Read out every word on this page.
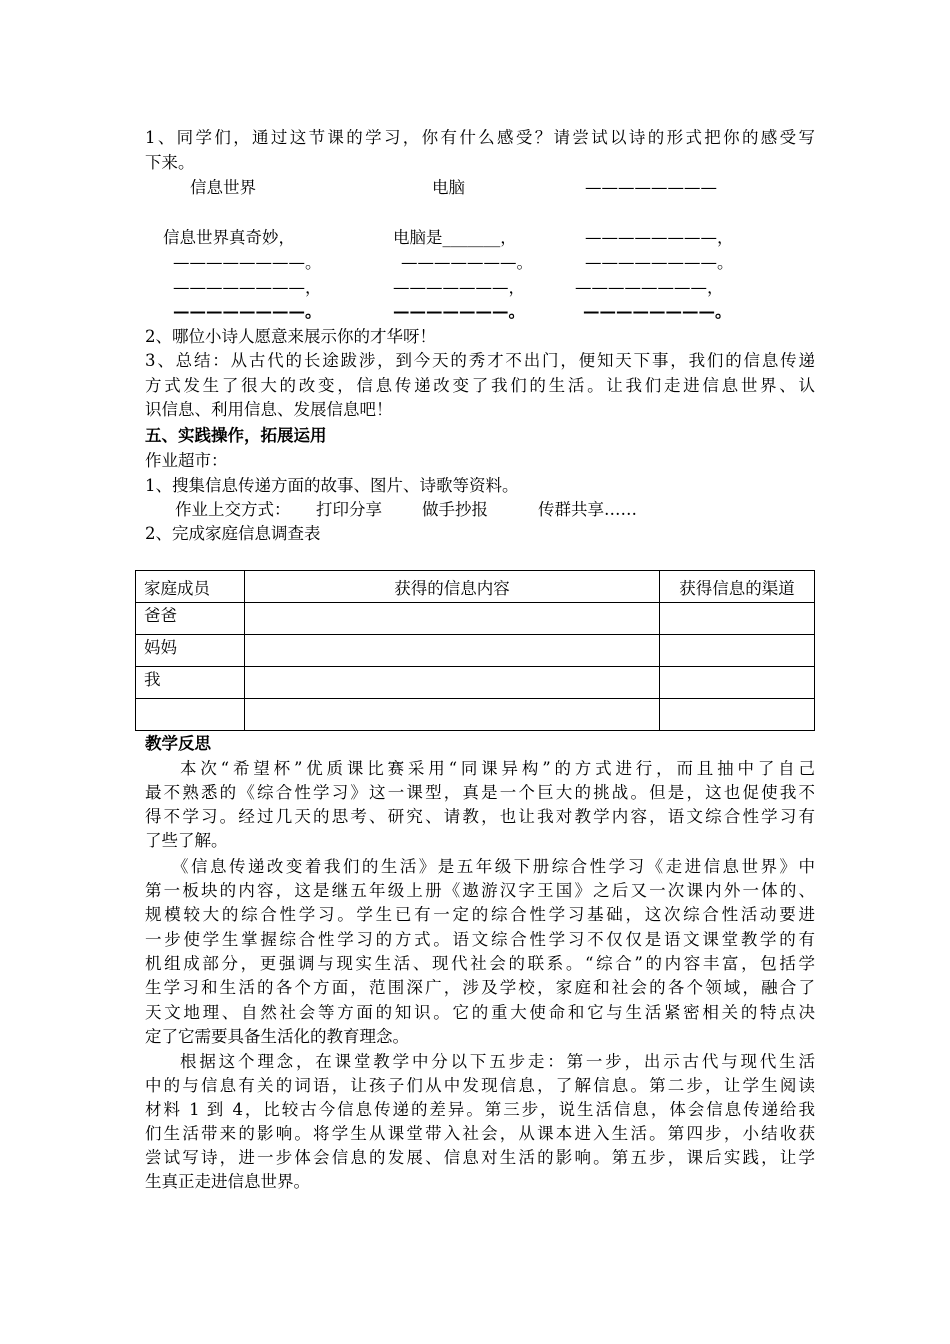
1、同学们，通过这节课的学习，你有什么感受？请尝试以诗的形式把你的感受写
下来。
信息世界	电脑	————————
信息世界真奇妙，	电脑是_______，	————————，
————————。	———————。	————————。
————————，	———————，	————————，
————————。	———————。	————————。
2、哪位小诗人愿意来展示你的才华呀！
3、总结：从古代的长途跋涉，到今天的秀才不出门，便知天下事，我们的信息传递
方式发生了很大的改变，信息传递改变了我们的生活。让我们走进信息世界、认
识信息、利用信息、发展信息吧！
五、实践操作，拓展运用
作业超市：
1、搜集信息传递方面的故事、图片、诗歌等资料。
作业上交方式： 打印分享 做手抄报	传群共享……
2、完成家庭信息调查表
家庭成员	获得的信息内容	获得信息的渠道
爸爸		
妈妈		
我		

教学反思
本次“希望杯”优质课比赛采用“同课异构”的方式进行，而且抽中了自己
最不熟悉的《综合性学习》这一课型，真是一个巨大的挑战。但是，这也促使我不
得不学习。经过几天的思考、研究、请教，也让我对教学内容，语文综合性学习有
了些了解。
《信息传递改变着我们的生活》是五年级下册综合性学习《走进信息世界》中
第一板块的内容，这是继五年级上册《遨游汉字王国》之后又一次课内外一体的、
规模较大的综合性学习。学生已有一定的综合性学习基础，这次综合性活动要进
一步使学生掌握综合性学习的方式。语文综合性学习不仅仅是语文课堂教学的有
机组成部分，更强调与现实生活、现代社会的联系。“综合”的内容丰富，包括学
生学习和生活的各个方面，范围深广，涉及学校，家庭和社会的各个领域，融合了
天文地理、自然社会等方面的知识。它的重大使命和它与生活紧密相关的特点决
定了它需要具备生活化的教育理念。
根据这个理念，在课堂教学中分以下五步走：第一步，出示古代与现代生活
中的与信息有关的词语，让孩子们从中发现信息，了解信息。第二步，让学生阅读
材料 1 到 4，比较古今信息传递的差异。第三步，说生活信息，体会信息传递给我
们生活带来的影响。将学生从课堂带入社会，从课本进入生活。第四步，小结收获
尝试写诗，进一步体会信息的发展、信息对生活的影响。第五步，课后实践，让学
生真正走进信息世界。
